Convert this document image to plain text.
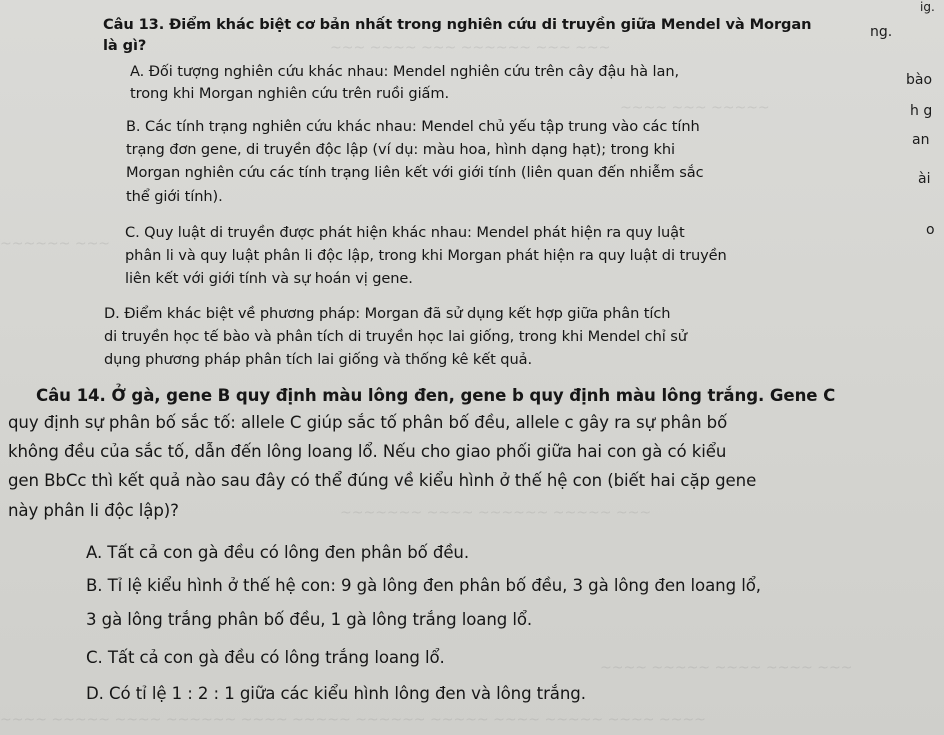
~~~ ~~~~ ~~~ ~~~~~~ ~~~ ~~~
~~~~ ~~~ ~~~~~
~~~~~~ ~~~
~~~~~~~ ~~~~ ~~~~~~ ~~~~~ ~~~
~~~~ ~~~~~ ~~~~ ~~~~ ~~~
~~~~ ~~~~~ ~~~~ ~~~~~~ ~~~~ ~~~~~ ~~~~~~ ~~~~~ ~~~~ ~~~~~ ~~~~ ~~~~
ig.
ng.
bào
h g
an
ài
o
Câu 13. Điểm khác biệt cơ bản nhất trong nghiên cứu di truyền giữa Mendel và Morgan
là gì?
A. Đối tượng nghiên cứu khác nhau: Mendel nghiên cứu trên cây đậu hà lan,
trong khi Morgan nghiên cứu trên ruồi giấm.
B. Các tính trạng nghiên cứu khác nhau: Mendel chủ yếu tập trung vào các tính
trạng đơn gene, di truyền độc lập (ví dụ: màu hoa, hình dạng hạt); trong khi
Morgan nghiên cứu các tính trạng liên kết với giới tính (liên quan đến nhiễm sắc
thể giới tính).
C. Quy luật di truyền được phát hiện khác nhau: Mendel phát hiện ra quy luật
phân li và quy luật phân li độc lập, trong khi Morgan phát hiện ra quy luật di truyền
liên kết với giới tính và sự hoán vị gene.
D. Điểm khác biệt về phương pháp: Morgan đã sử dụng kết hợp giữa phân tích
di truyền học tế bào và phân tích di truyền học lai giống, trong khi Mendel chỉ sử
dụng phương pháp phân tích lai giống và thống kê kết quả.
Câu 14. Ở gà, gene B quy định màu lông đen, gene b quy định màu lông trắng. Gene C
quy định sự phân bố sắc tố: allele C giúp sắc tố phân bố đều, allele c gây ra sự phân bố
không đều của sắc tố, dẫn đến lông loang lổ. Nếu cho giao phối giữa hai con gà có kiểu
gen BbCc thì kết quả nào sau đây có thể đúng về kiểu hình ở thế hệ con (biết hai cặp gene
này phân li độc lập)?
A. Tất cả con gà đều có lông đen phân bố đều.
B. Tỉ lệ kiểu hình ở thế hệ con: 9 gà lông đen phân bố đều, 3 gà lông đen loang lổ,
3 gà lông trắng phân bố đều, 1 gà lông trắng loang lổ.
C. Tất cả con gà đều có lông trắng loang lổ.
D. Có tỉ lệ 1 : 2 : 1 giữa các kiểu hình lông đen và lông trắng.
